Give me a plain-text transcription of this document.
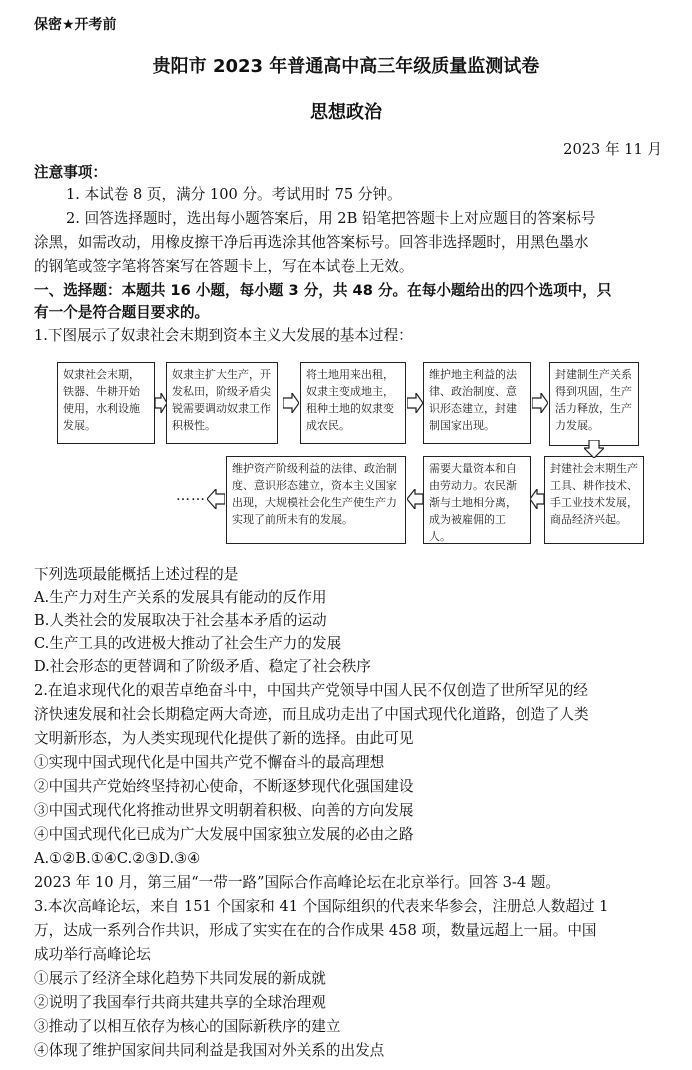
保密★开考前
贵阳市 2023 年普通高中高三年级质量监测试卷
思想政治
2023 年 11 月
注意事项：
1. 本试卷 8 页，满分 100 分。考试用时 75 分钟。
2. 回答选择题时，选出每小题答案后，用 2B 铅笔把答题卡上对应题目的答案标号
涂黑，如需改动，用橡皮擦干净后再选涂其他答案标号。回答非选择题时，用黑色墨水
的钢笔或签字笔将答案写在答题卡上，写在本试卷上无效。
一、选择题：本题共 16 小题，每小题 3 分，共 48 分。在每小题给出的四个选项中，只
有一个是符合题目要求的。
1.下图展示了奴隶社会末期到资本主义大发展的基本过程：
奴隶社会末期，铁器、牛耕开始使用，水利设施发展。
奴隶主扩大生产，开发私田，阶级矛盾尖锐需要调动奴隶工作积极性。
将土地用来出租，奴隶主变成地主，租种土地的奴隶变成农民。
维护地主利益的法律、政治制度、意识形态建立，封建制国家出现。
封建制生产关系得到巩固，生产活力释放，生产力发展。
封建社会末期生产工具、耕作技术、手工业技术发展，商品经济兴起。
需要大量资本和自由劳动力。农民渐渐与土地相分离，成为被雇佣的工人。
维护资产阶级利益的法律、政治制度、意识形态建立，资本主义国家出现，大规模社会化生产使生产力实现了前所未有的发展。
……
下列选项最能概括上述过程的是
A.生产力对生产关系的发展具有能动的反作用
B.人类社会的发展取决于社会基本矛盾的运动
C.生产工具的改进极大推动了社会生产力的发展
D.社会形态的更替调和了阶级矛盾、稳定了社会秩序
2.在追求现代化的艰苦卓绝奋斗中，中国共产党领导中国人民不仅创造了世所罕见的经
济快速发展和社会长期稳定两大奇迹，而且成功走出了中国式现代化道路，创造了人类
文明新形态，为人类实现现代化提供了新的选择。由此可见
①实现中国式现代化是中国共产党不懈奋斗的最高理想
②中国共产党始终坚持初心使命，不断逐梦现代化强国建设
③中国式现代化将推动世界文明朝着积极、向善的方向发展
④中国式现代化已成为广大发展中国家独立发展的必由之路
A.①②B.①④C.②③D.③④
2023 年 10 月，第三届“一带一路”国际合作高峰论坛在北京举行。回答 3-4 题。
3.本次高峰论坛，来自 151 个国家和 41 个国际组织的代表来华参会，注册总人数超过 1
万，达成一系列合作共识，形成了实实在在的合作成果 458 项，数量远超上一届。中国
成功举行高峰论坛
①展示了经济全球化趋势下共同发展的新成就
②说明了我国奉行共商共建共享的全球治理观
③推动了以相互依存为核心的国际新秩序的建立
④体现了维护国家间共同利益是我国对外关系的出发点
